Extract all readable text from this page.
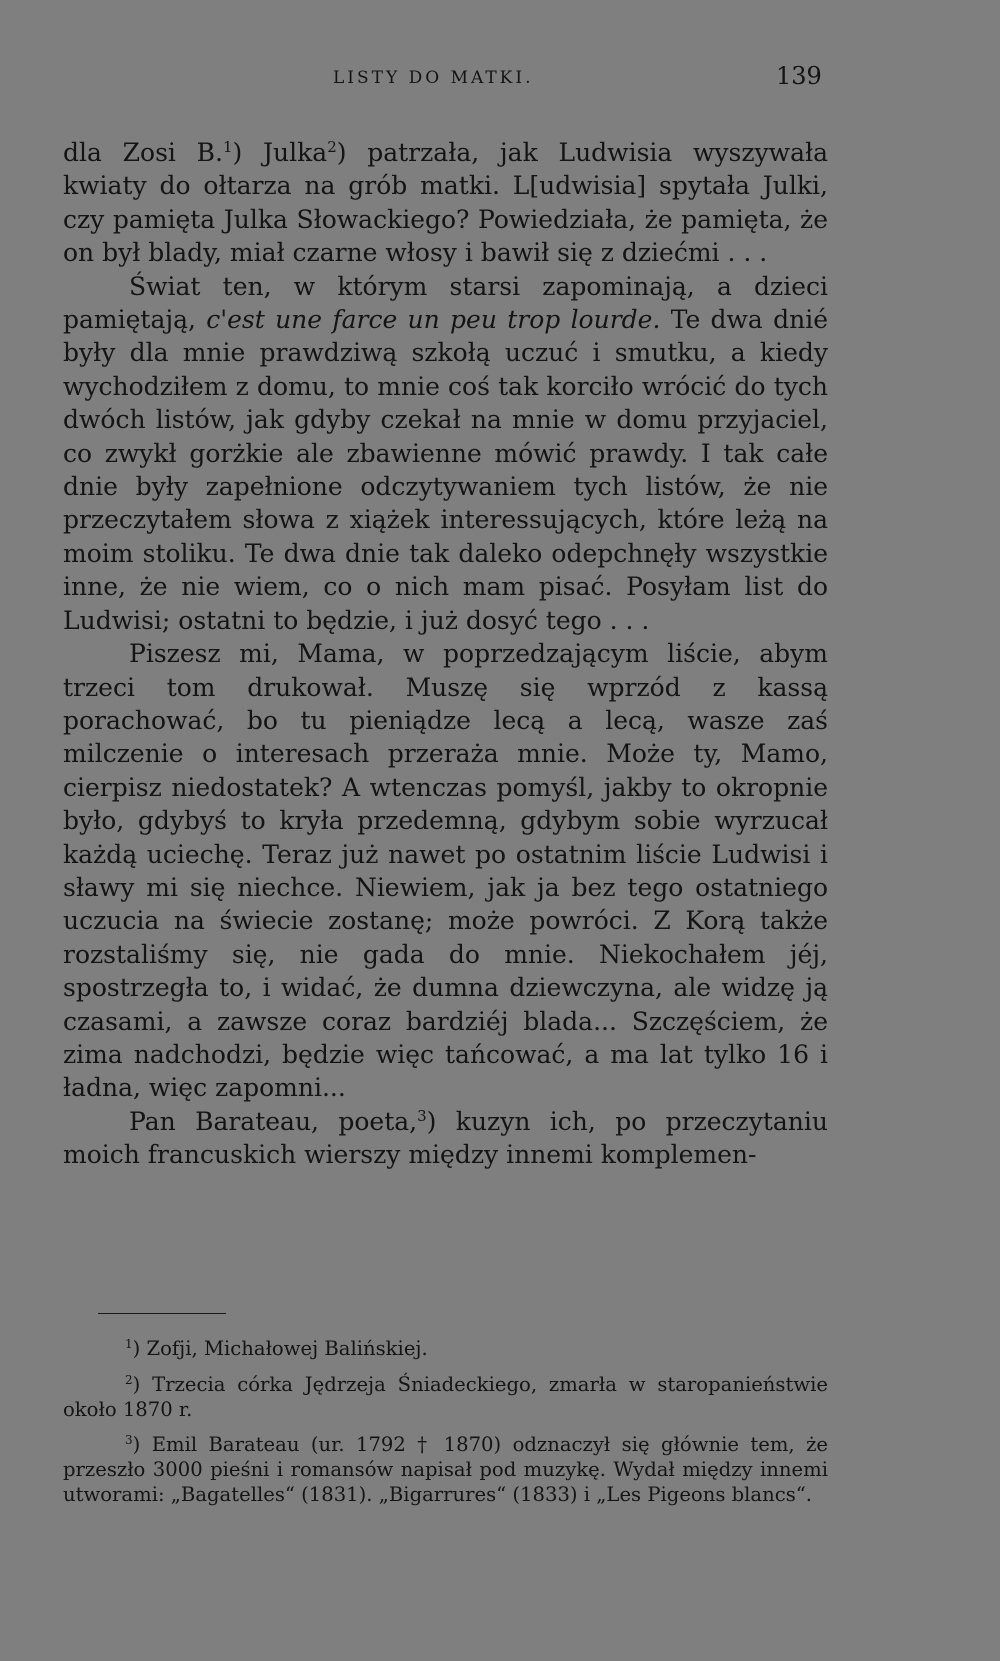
LISTY DO MATKI.	139

dla Zosi B.$^1$) Julka$^2$) patrzała, jak Ludwisia wyszywała kwiaty do ołtarza na grób matki. L[udwisia] spytała Julki, czy pamięta Julka Słowackiego? Powiedziała, że pamięta, że on był blady, miał czarne włosy i bawił się z dziećmi . . .

Świat ten, w którym starsi zapominają, a dzieci pamiętają, c'est une farce un peu trop lourde. Te dwa dnié były dla mnie prawdziwą szkołą uczuć i smutku, a kiedy wychodziłem z domu, to mnie coś tak korciło wrócić do tych dwóch listów, jak gdyby czekał na mnie w domu przyjaciel, co zwykł gorżkie ale zbawienne mówić prawdy. I tak całe dnie były zapełnione odczytywaniem tych listów, że nie przeczytałem słowa z xiążek interessujących, które leżą na moim stoliku. Te dwa dnie tak daleko odepchnęły wszystkie inne, że nie wiem, co o nich mam pisać. Posyłam list do Ludwisi; ostatni to będzie, i już dosyć tego . . .

Piszesz mi, Mama, w poprzedzającym liście, abym trzeci tom drukował. Muszę się wprzód z kassą porachować, bo tu pieniądze lecą a lecą, wasze zaś milczenie o interesach przeraża mnie. Może ty, Mamo, cierpisz niedostatek? A wtenczas pomyśl, jakby to okropnie było, gdybyś to kryła przedemną, gdybym sobie wyrzucał każdą uciechę. Teraz już nawet po ostatnim liście Ludwisi i sławy mi się niechce. Niewiem, jak ja bez tego ostatniego uczucia na świecie zostanę; może powróci. Z Korą także rozstaliśmy się, nie gada do mnie. Niekochałem jéj, spostrzegła to, i widać, że dumna dziewczyna, ale widzę ją czasami, a zawsze coraz bardziéj blada... Szczęściem, że zima nadchodzi, będzie więc tańcować, a ma lat tylko 16 i ładna, więc zapomni...

Pan Barateau, poeta,$^3$) kuzyn ich, po przeczytaniu moich francuskich wierszy między innemi komplemen-

$^1$) Zofji, Michałowej Balińskiej.

$^2$) Trzecia córka Jędrzeja Śniadeckiego, zmarła w staropanieństwie około 1870 r.

$^3$) Emil Barateau (ur. 1792 † 1870) odznaczył się głównie tem, że przeszło 3000 pieśni i romansów napisał pod muzykę. Wydał między innemi utworami: „Bagatelles“ (1831). „Bigarrures“ (1833) i „Les Pigeons blancs“.
